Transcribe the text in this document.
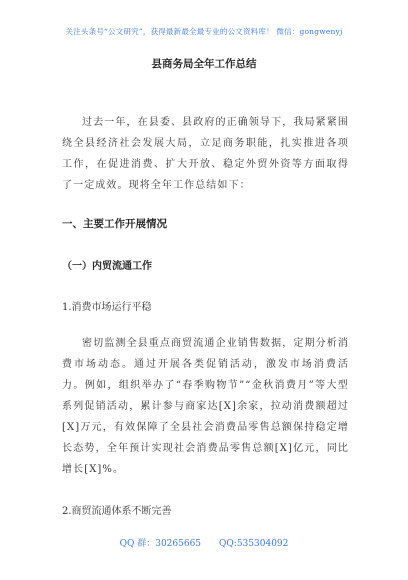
关注头条号“公文研究”，获得最新最全最专业的公文资料库！ 微信：gongwenyj
县商务局全年工作总结

过去一年，在县委、县政府的正确领导下，我局紧紧围绕全县经济社会发展大局，立足商务职能，扎实推进各项工作，在促进消费、扩大开放、稳定外贸外资等方面取得了一定成效。现将全年工作总结如下：

一、主要工作开展情况

（一）内贸流通工作

1.消费市场运行平稳

密切监测全县重点商贸流通企业销售数据，定期分析消费市场动态。通过开展各类促销活动，激发市场消费活力。例如，组织举办了“春季购物节”“金秋消费月”等大型系列促销活动，累计参与商家达[X]余家，拉动消费额超过[X]万元，有效保障了全县社会消费品零售总额保持稳定增长态势，全年预计实现社会消费品零售总额[X]亿元，同比增长[X]%。

2.商贸流通体系不断完善

QQ 群：30265665 QQ:535304092
